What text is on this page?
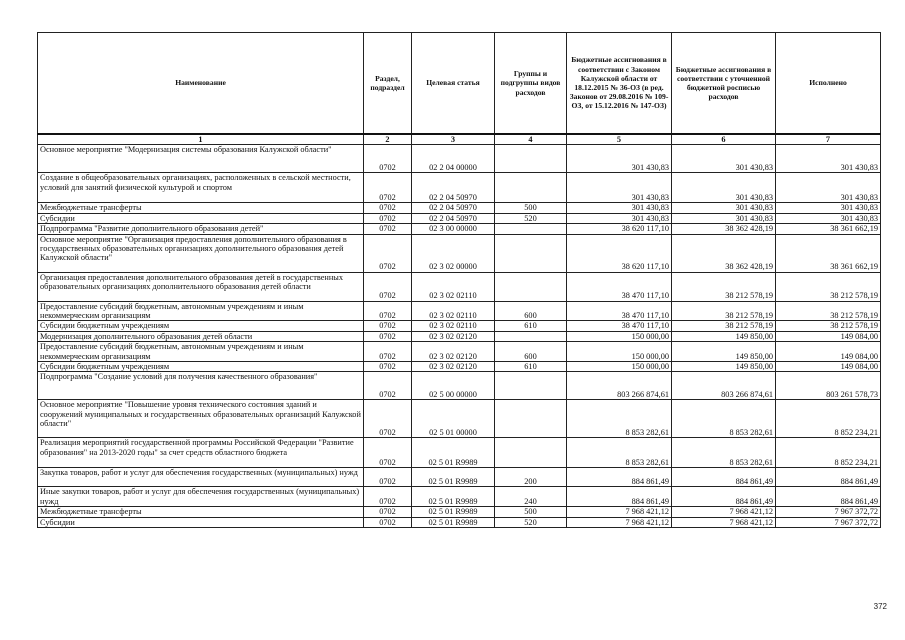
Наименование	Раздел, подраздел	Целевая статья	Группы и подгруппы видов расходов	Бюджетные ассигнования в соответствии с Законом Калужской области от 18.12.2015 № 36-ОЗ (в ред. Законов от 29.08.2016 № 109-ОЗ, от 15.12.2016 № 147-ОЗ)	Бюджетные ассигнования в соответствии с уточненной бюджетной росписью расходов	Исполнено
1	2	3	4	5	6	7
Основное мероприятие "Модернизация системы образования Калужской области"	0702	02 2 04 00000		301 430,83	301 430,83	301 430,83
Создание в общеобразовательных организациях, расположенных в сельской местности, условий для занятий физической культурой и спортом	0702	02 2 04 50970		301 430,83	301 430,83	301 430,83
Межбюджетные трансферты	0702	02 2 04 50970	500	301 430,83	301 430,83	301 430,83
Субсидии	0702	02 2 04 50970	520	301 430,83	301 430,83	301 430,83
Подпрограмма "Развитие дополнительного образования детей"	0702	02 3 00 00000		38 620 117,10	38 362 428,19	38 361 662,19
Основное мероприятие "Организация предоставления дополнительного образования в государственных образовательных организациях дополнительного образования детей Калужской области"	0702	02 3 02 00000		38 620 117,10	38 362 428,19	38 361 662,19
Организация предоставления дополнительного образования детей в государственных образовательных организациях дополнительного образования детей области	0702	02 3 02 02110		38 470 117,10	38 212 578,19	38 212 578,19
Предоставление субсидий бюджетным, автономным учреждениям и иным некоммерческим организациям	0702	02 3 02 02110	600	38 470 117,10	38 212 578,19	38 212 578,19
Субсидии бюджетным учреждениям	0702	02 3 02 02110	610	38 470 117,10	38 212 578,19	38 212 578,19
Модернизация дополнительного образования детей области	0702	02 3 02 02120		150 000,00	149 850,00	149 084,00
Предоставление субсидий бюджетным, автономным учреждениям и иным некоммерческим организациям	0702	02 3 02 02120	600	150 000,00	149 850,00	149 084,00
Субсидии бюджетным учреждениям	0702	02 3 02 02120	610	150 000,00	149 850,00	149 084,00
Подпрограмма "Создание условий для получения качественного образования"	0702	02 5 00 00000		803 266 874,61	803 266 874,61	803 261 578,73
Основное мероприятие "Повышение уровня технического состояния зданий и сооружений муниципальных и государственных образовательных организаций Калужской области"	0702	02 5 01 00000		8 853 282,61	8 853 282,61	8 852 234,21
Реализация мероприятий государственной программы Российской Федерации "Развитие образования" на 2013-2020 годы" за счет средств областного бюджета	0702	02 5 01 R9989		8 853 282,61	8 853 282,61	8 852 234,21
Закупка товаров, работ и услуг для обеспечения государственных (муниципальных) нужд	0702	02 5 01 R9989	200	884 861,49	884 861,49	884 861,49
Иные закупки товаров, работ и услуг для обеспечения государственных (муниципальных) нужд	0702	02 5 01 R9989	240	884 861,49	884 861,49	884 861,49
Межбюджетные трансферты	0702	02 5 01 R9989	500	7 968 421,12	7 968 421,12	7 967 372,72
Субсидии	0702	02 5 01 R9989	520	7 968 421,12	7 968 421,12	7 967 372,72
372
